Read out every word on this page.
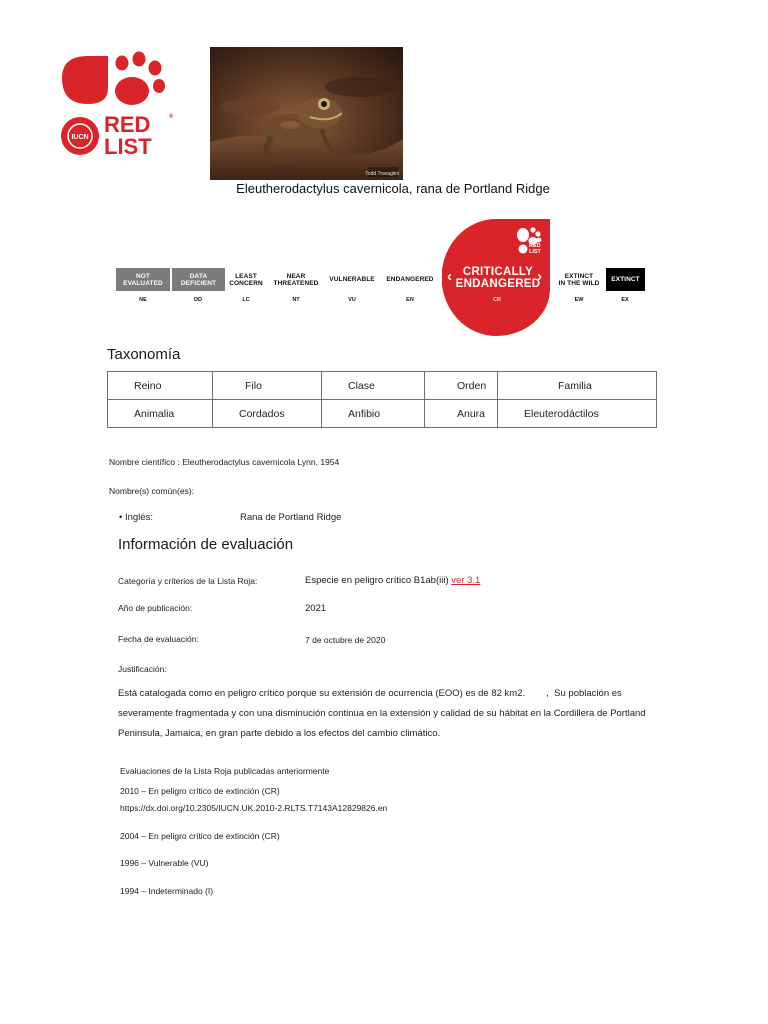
IUCN
RED
LIST
®
Todd Travaglini
Eleutherodactylus cavernicola, rana de Portland Ridge
NOT
EVALUATED
DATA
DEFICIENT
LEAST
CONCERN
NEAR
THREATENED VULNERABLE ENDANGERED
RED
LIST
‹ CRITICALLY
ENDANGERED
›	EXTINCT
IN THE WILD EXTINCT
NE	DD	LC	NT	VU	EN	CR	EW	EX
Taxonomía
Reino	Filo	Clase	Orden	Familia
Animalia	Cordados	Anfibio	Anura	Eleuterodáctilos
Nombre científico : Eleutherodactylus cavernicola Lynn, 1954
Nombre(s) común(es):
• Inglés:	Rana de Portland Ridge
Información de evaluación
Categoría y criterios de la Lista Roja:	Especie en peligro crítico B1ab(iii) ver 3.1
Año de publicación:	2021
Fecha de evaluación:	7 de octubre de 2020
Justificación:
Está catalogada como en peligro crítico porque su extensión de ocurrencia (EOO) es de 82 km2.        ,  Su población es
severamente fragmentada y con una disminución continua en la extensión y calidad de su hábitat en la Cordillera de Portland
Peninsula, Jamaica, en gran parte debido a los efectos del cambio climático.
Evaluaciones de la Lista Roja publicadas anteriormente
2010 – En peligro crítico de extinción (CR)
https://dx.doi.org/10.2305/IUCN.UK.2010-2.RLTS.T7143A12829826.en
2004 – En peligro crítico de extinción (CR)
1996 – Vulnerable (VU)
1994 – Indeterminado (I)
